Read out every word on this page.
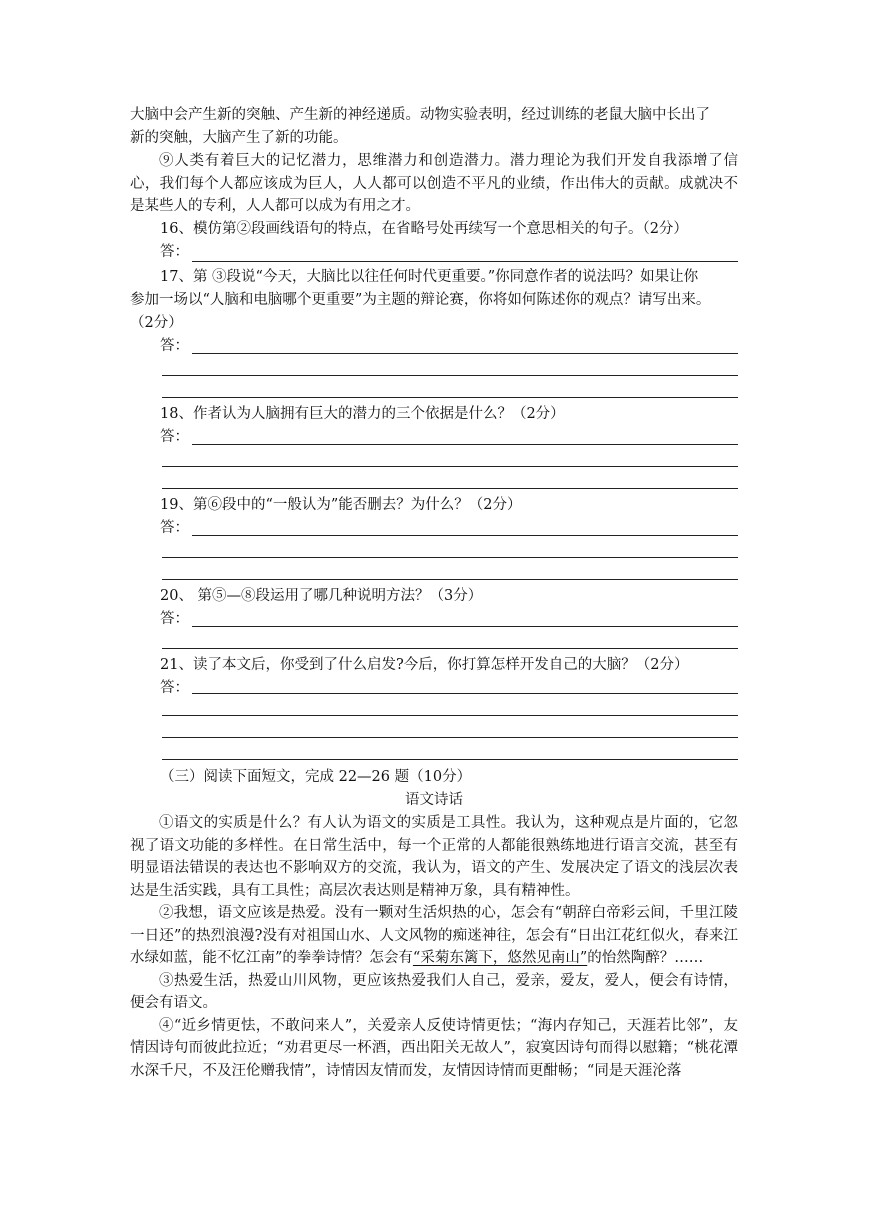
大脑中会产生新的突触、产生新的神经递质。动物实验表明，经过训练的老鼠大脑中长出了
新的突触，大脑产生了新的功能。

⑨人类有着巨大的记忆潜力，思维潜力和创造潜力。潜力理论为我们开发自我添增了信心，我们每个人都应该成为巨人，人人都可以创造不平凡的业绩，作出伟大的贡献。成就决不是某些人的专利，人人都可以成为有用之才。

16、模仿第②段画线语句的特点，在省略号处再续写一个意思相关的句子。（2分）
答：
17、第 ③段说“今天，大脑比以往任何时代更重要。”你同意作者的说法吗？如果让你
参加一场以“人脑和电脑哪个更重要”为主题的辩论赛，你将如何陈述你的观点？请写出来。
（2分）
答：
18、作者认为人脑拥有巨大的潜力的三个依据是什么？（2分）
答：
19、第⑥段中的“一般认为”能否删去？为什么？（2分）
答：
20、 第⑤—⑧段运用了哪几种说明方法？（3分）
答：
21、读了本文后，你受到了什么启发?今后，你打算怎样开发自己的大脑？（2分）
答：
（三）阅读下面短文，完成 22—26 题（10分）
语文诗话

①语文的实质是什么？有人认为语文的实质是工具性。我认为，这种观点是片面的，它忽视了语文功能的多样性。在日常生活中，每一个正常的人都能很熟练地进行语言交流，甚至有明显语法错误的表达也不影响双方的交流，我认为，语文的产生、发展决定了语文的浅层次表达是生活实践，具有工具性；高层次表达则是精神万象，具有精神性。

②我想，语文应该是热爱。没有一颗对生活炽热的心，怎会有“朝辞白帝彩云间，千里江陵一日还”的热烈浪漫?没有对祖国山水、人文风物的痴迷神往，怎会有“日出江花红似火，春来江水绿如蓝，能不忆江南”的拳拳诗情？怎会有“采菊东篱下，悠然见南山”的怡然陶醉？……

③热爱生活，热爱山川风物，更应该热爱我们人自己，爱亲，爱友，爱人，便会有诗情，便会有语文。

④“近乡情更怯，不敢问来人”，关爱亲人反使诗情更怯；“海内存知己，天涯若比邻”，友情因诗句而彼此拉近；“劝君更尽一杯酒，西出阳关无故人”，寂寞因诗句而得以慰籍；“桃花潭水深千尺，不及汪伦赠我情”，诗情因友情而发，友情因诗情而更酣畅；“同是天涯沦落
